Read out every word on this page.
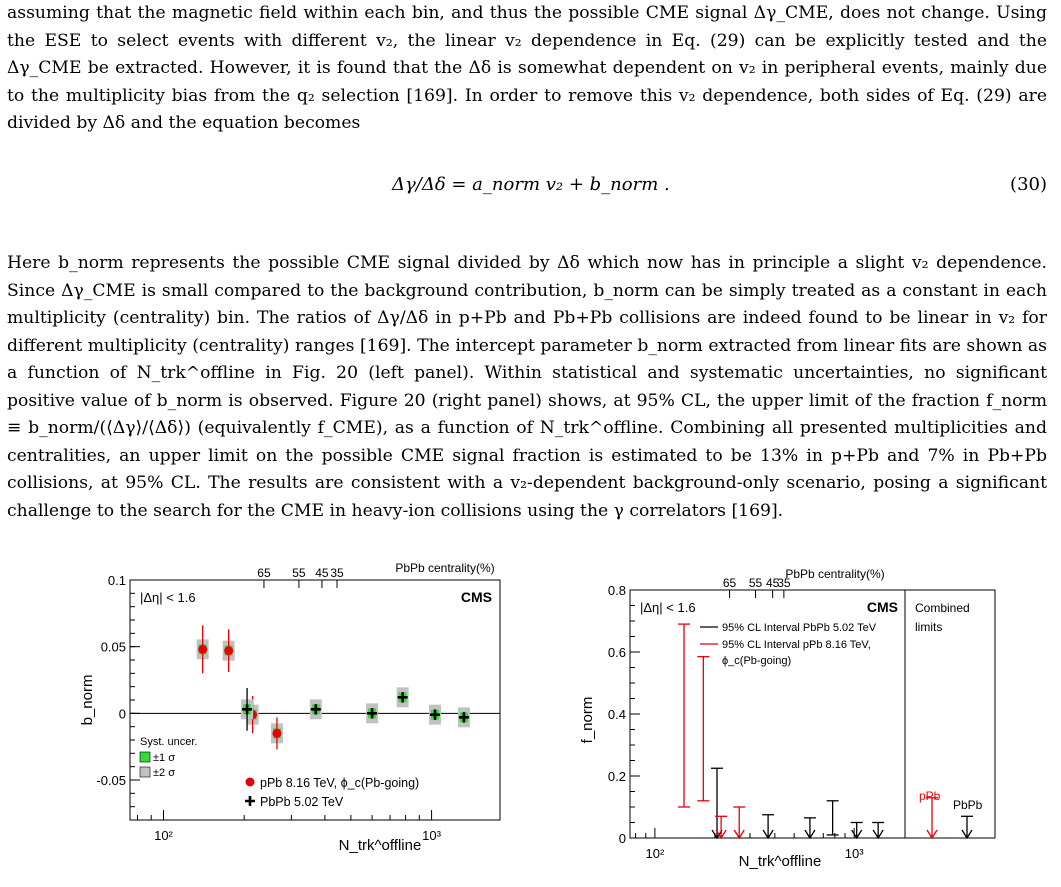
assuming that the magnetic field within each bin, and thus the possible CME signal Δγ_CME, does not change. Using the ESE to select events with different v₂, the linear v₂ dependence in Eq. (29) can be explicitly tested and the Δγ_CME be extracted. However, it is found that the Δδ is somewhat dependent on v₂ in peripheral events, mainly due to the multiplicity bias from the q₂ selection [169]. In order to remove this v₂ dependence, both sides of Eq. (29) are divided by Δδ and the equation becomes
Δγ/Δδ = a_norm v₂ + b_norm .	(30)
Here b_norm represents the possible CME signal divided by Δδ which now has in principle a slight v₂ dependence. Since Δγ_CME is small compared to the background contribution, b_norm can be simply treated as a constant in each multiplicity (centrality) bin. The ratios of Δγ/Δδ in p+Pb and Pb+Pb collisions are indeed found to be linear in v₂ for different multiplicity (centrality) ranges [169]. The intercept parameter b_norm extracted from linear fits are shown as a function of N_trk^offline in Fig. 20 (left panel). Within statistical and systematic uncertainties, no significant positive value of b_norm is observed. Figure 20 (right panel) shows, at 95% CL, the upper limit of the fraction f_norm ≡ b_norm/(⟨Δγ⟩/⟨Δδ⟩) (equivalently f_CME), as a function of N_trk^offline. Combining all presented multiplicities and centralities, an upper limit on the possible CME signal fraction is estimated to be 13% in p+Pb and 7% in Pb+Pb collisions, at 95% CL. The results are consistent with a v₂-dependent background-only scenario, posing a significant challenge to the search for the CME in heavy-ion collisions using the γ correlators [169].
-0.05
0
0.05
0.1
10²	10³
65 55 45 35	PbPb centrality(%)
|Δη| < 1.6	CMS
N_trk^offline
b_norm
Syst. uncer.
±1 σ
±2 σ
pPb 8.16 TeV, ϕ_c(Pb-going)
PbPb 5.02 TeV
0
0.2
0.4
0.6
0.8
10²	10³
65 55 45
35
PbPb centrality(%)
|Δη| < 1.6	CMS
N_trk^offline
f_norm
Combined
limits
pPb
PbPb
95% CL Interval PbPb 5.02 TeV
95% CL Interval pPb 8.16 TeV,
ϕ_c(Pb-going)
